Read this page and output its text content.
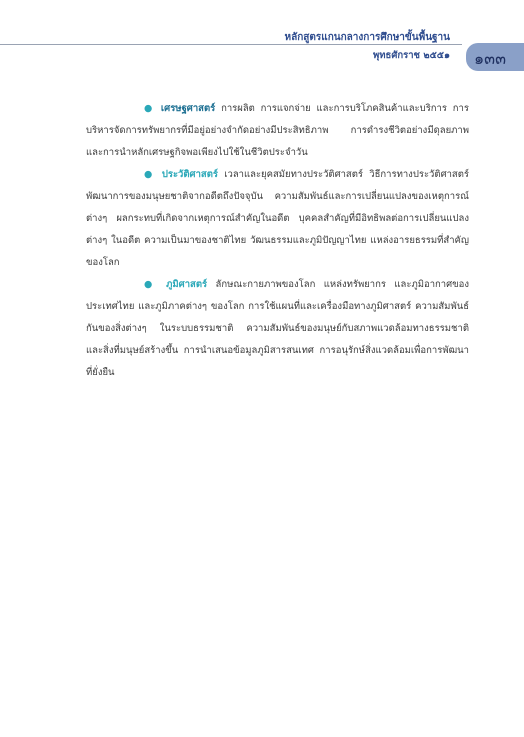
หลักสูตรแกนกลางการศึกษาขั้นพื้นฐาน
พุทธศักราช ๒๕๕๑ ๑๓๓

● เศรษฐศาสตร์ การผลิต การแจกจ่าย และการบริโภคสินค้าและบริการ การบริหารจัดการทรัพยากรที่มีอยู่อย่างจำกัดอย่างมีประสิทธิภาพ การดำรงชีวิตอย่างมีดุลยภาพ และการนำหลักเศรษฐกิจพอเพียงไปใช้ในชีวิตประจำวัน

● ประวัติศาสตร์ เวลาและยุคสมัยทางประวัติศาสตร์ วิธีการทางประวัติศาสตร์ พัฒนาการของมนุษยชาติจากอดีตถึงปัจจุบัน ความสัมพันธ์และการเปลี่ยนแปลงของเหตุการณ์ต่างๆ ผลกระทบที่เกิดจากเหตุการณ์สำคัญในอดีต บุคคลสำคัญที่มีอิทธิพลต่อการเปลี่ยนแปลงต่างๆ ในอดีต ความเป็นมาของชาติไทย วัฒนธรรมและภูมิปัญญาไทย แหล่งอารยธรรมที่สำคัญของโลก

● ภูมิศาสตร์ ลักษณะกายภาพของโลก แหล่งทรัพยากร และภูมิอากาศของประเทศไทย และภูมิภาคต่างๆ ของโลก การใช้แผนที่และเครื่องมือทางภูมิศาสตร์ ความสัมพันธ์กันของสิ่งต่างๆ ในระบบธรรมชาติ ความสัมพันธ์ของมนุษย์กับสภาพแวดล้อมทางธรรมชาติ และสิ่งที่มนุษย์สร้างขึ้น การนำเสนอข้อมูลภูมิสารสนเทศ การอนุรักษ์สิ่งแวดล้อมเพื่อการพัฒนาที่ยั่งยืน
